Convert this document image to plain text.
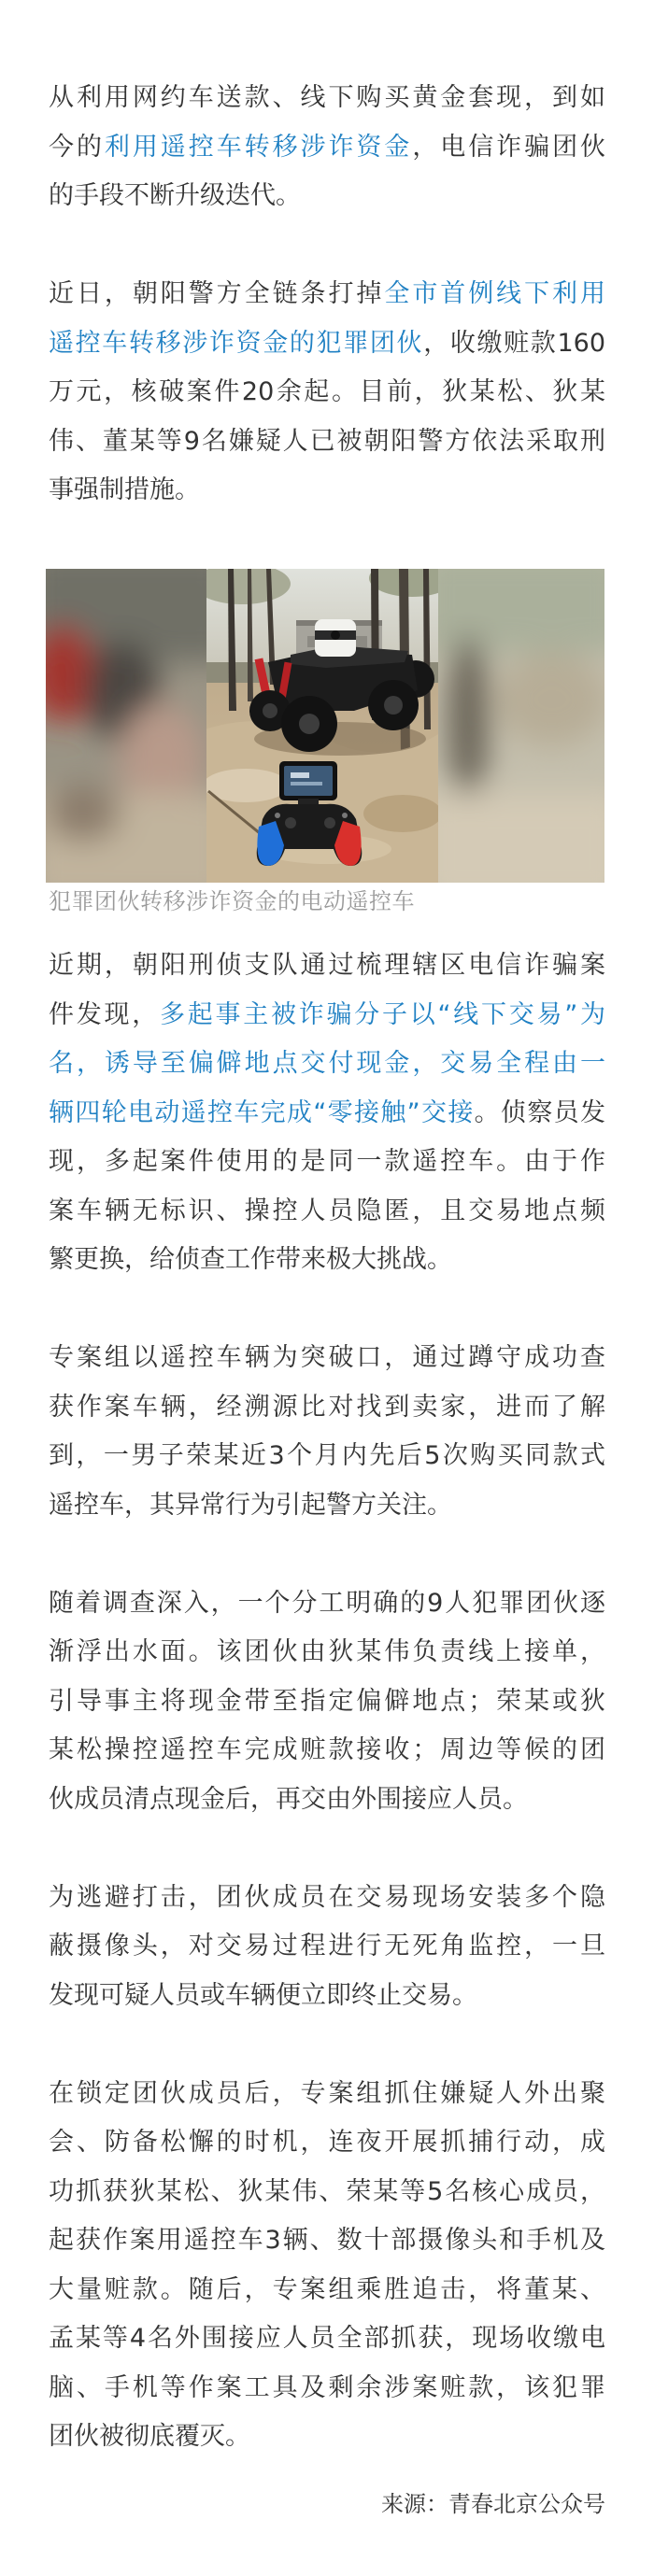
从利用网约车送款、线下购买黄金套现，到如
今的利用遥控车转移涉诈资金，电信诈骗团伙
的手段不断升级迭代。
近日，朝阳警方全链条打掉全市首例线下利用
遥控车转移涉诈资金的犯罪团伙，收缴赃款160
万元，核破案件20余起。目前，狄某松、狄某
伟、董某等9名嫌疑人已被朝阳警方依法采取刑
事强制措施。
犯罪团伙转移涉诈资金的电动遥控车
近期，朝阳刑侦支队通过梳理辖区电信诈骗案
件发现，多起事主被诈骗分子以“线下交易”为
名，诱导至偏僻地点交付现金，交易全程由一
辆四轮电动遥控车完成“零接触”交接。侦察员发
现，多起案件使用的是同一款遥控车。由于作
案车辆无标识、操控人员隐匿，且交易地点频
繁更换，给侦查工作带来极大挑战。
专案组以遥控车辆为突破口，通过蹲守成功查
获作案车辆，经溯源比对找到卖家，进而了解
到，一男子荣某近3个月内先后5次购买同款式
遥控车，其异常行为引起警方关注。
随着调查深入，一个分工明确的9人犯罪团伙逐
渐浮出水面。该团伙由狄某伟负责线上接单，
引导事主将现金带至指定偏僻地点；荣某或狄
某松操控遥控车完成赃款接收；周边等候的团
伙成员清点现金后，再交由外围接应人员。
为逃避打击，团伙成员在交易现场安装多个隐
蔽摄像头，对交易过程进行无死角监控，一旦
发现可疑人员或车辆便立即终止交易。
在锁定团伙成员后，专案组抓住嫌疑人外出聚
会、防备松懈的时机，连夜开展抓捕行动，成
功抓获狄某松、狄某伟、荣某等5名核心成员，
起获作案用遥控车3辆、数十部摄像头和手机及
大量赃款。随后，专案组乘胜追击，将董某、
孟某等4名外围接应人员全部抓获，现场收缴电
脑、手机等作案工具及剩余涉案赃款，该犯罪
团伙被彻底覆灭。
来源：青春北京公众号
